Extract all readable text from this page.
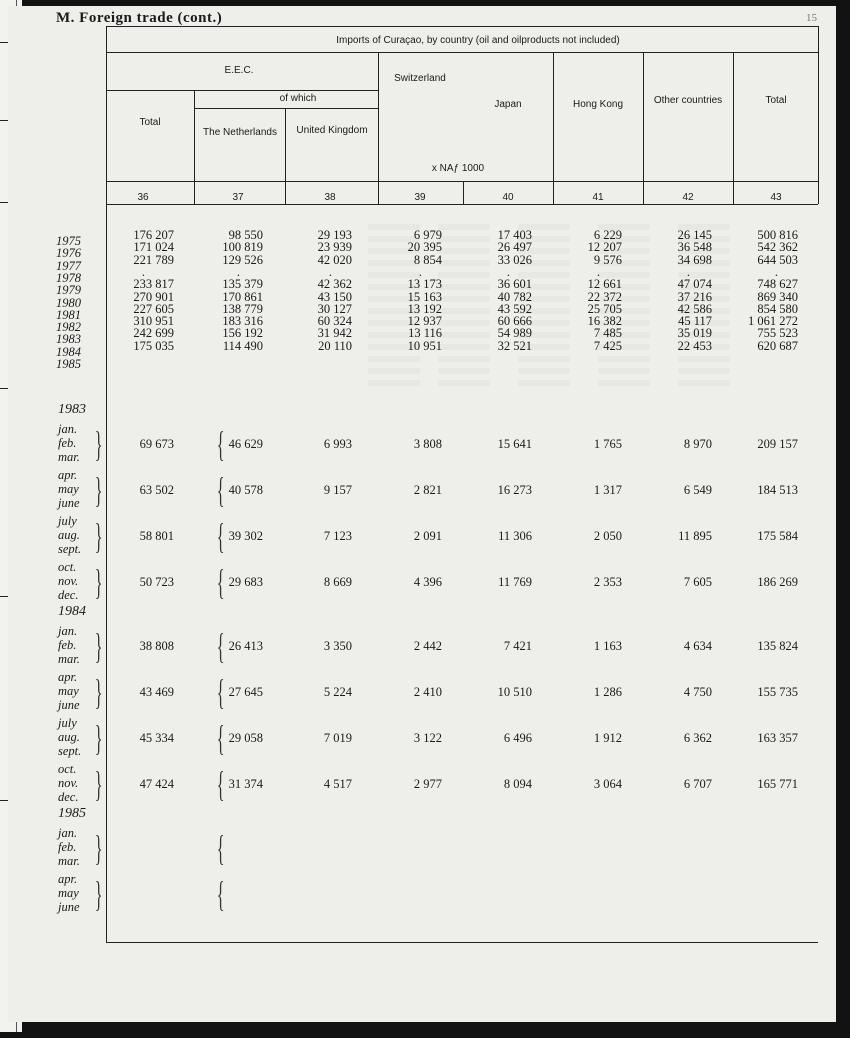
M. Foreign trade (cont.)	15
Imports of Curaçao, by country (oil and oilproducts not included)
E.E.C.
of which
Total
The Netherlands	United Kingdom
Switzerland
Japan	Hong Kong	Other countries	Total
x NAƒ 1000
36	37	38	39	40	41	42	43
1975	176 207	98 550	29 193	6 979	17 403	6 229	26 145	500 816
1976	171 024	100 819	23 939	20 395	26 497	12 207	36 548	542 362
1977	221 789	129 526	42 020	8 854	33 026	9 576	34 698	644 503
1978	.	.	.	.	.	.	.	.
1979	233 817	135 379	42 362	13 173	36 601	12 661	47 074	748 627
1980	270 901	170 861	43 150	15 163	40 782	22 372	37 216	869 340
1981	227 605	138 779	30 127	13 192	43 592	25 705	42 586	854 580
1982	310 951	183 316	60 324	12 937	60 666	16 382	45 117	1 061 272
1983	242 699	156 192	31 942	13 116	54 989	7 485	35 019	755 523
1984	175 035	114 490	20 110	10 951	32 521	7 425	22 453	620 687
1985
1983
jan.
feb.
mar. }	{
69 673	46 629	6 993	3 808	15 641	1 765	8 970	209 157
apr.
may
june }	{
63 502	40 578	9 157	2 821	16 273	1 317	6 549	184 513
july
aug.
sept. }	{
58 801	39 302	7 123	2 091	11 306	2 050	11 895	175 584
oct.
nov.
dec. }	{
50 723	29 683	8 669	4 396	11 769	2 353	7 605	186 269
1984
jan.
feb.
mar. }	{
38 808	26 413	3 350	2 442	7 421	1 163	4 634	135 824
apr.
may
june }	{
43 469	27 645	5 224	2 410	10 510	1 286	4 750	155 735
july
aug.
sept. }	{
45 334	29 058	7 019	3 122	6 496	1 912	6 362	163 357
oct.
nov.
dec. }	{
47 424	31 374	4 517	2 977	8 094	3 064	6 707	165 771
1985
jan.
feb.
mar. }	{
apr.
may
june }	{
